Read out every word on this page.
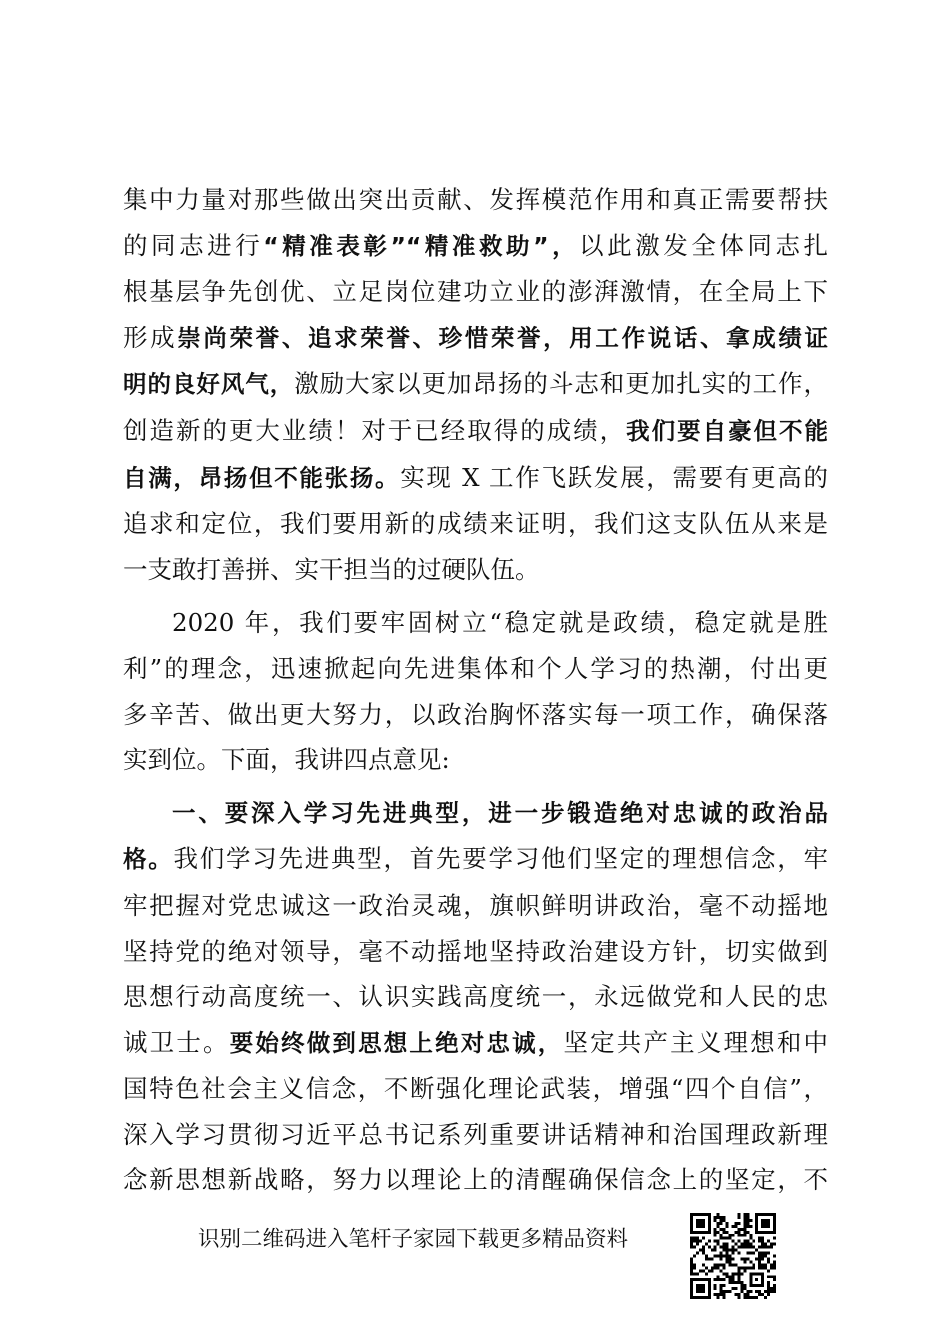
集中力量对那些做出突出贡献、发挥模范作用和真正需要帮扶
的同志进行“精准表彰”“精准救助”，以此激发全体同志扎
根基层争先创优、立足岗位建功立业的澎湃激情，在全局上下
形成崇尚荣誉、追求荣誉、珍惜荣誉，用工作说话、拿成绩证
明的良好风气，激励大家以更加昂扬的斗志和更加扎实的工作，
创造新的更大业绩！对于已经取得的成绩，我们要自豪但不能
自满，昂扬但不能张扬。实现 X 工作飞跃发展，需要有更高的
追求和定位，我们要用新的成绩来证明，我们这支队伍从来是
一支敢打善拼、实干担当的过硬队伍。
2020 年，我们要牢固树立“稳定就是政绩，稳定就是胜
利”的理念，迅速掀起向先进集体和个人学习的热潮，付出更
多辛苦、做出更大努力，以政治胸怀落实每一项工作，确保落
实到位。下面，我讲四点意见:
一、要深入学习先进典型，进一步锻造绝对忠诚的政治品
格。我们学习先进典型，首先要学习他们坚定的理想信念，牢
牢把握对党忠诚这一政治灵魂，旗帜鲜明讲政治，毫不动摇地
坚持党的绝对领导，毫不动摇地坚持政治建设方针，切实做到
思想行动高度统一、认识实践高度统一，永远做党和人民的忠
诚卫士。要始终做到思想上绝对忠诚，坚定共产主义理想和中
国特色社会主义信念，不断强化理论武装，增强“四个自信”，
深入学习贯彻习近平总书记系列重要讲话精神和治国理政新理
念新思想新战略，努力以理论上的清醒确保信念上的坚定，不
识别二维码进入笔杆子家园下载更多精品资料
